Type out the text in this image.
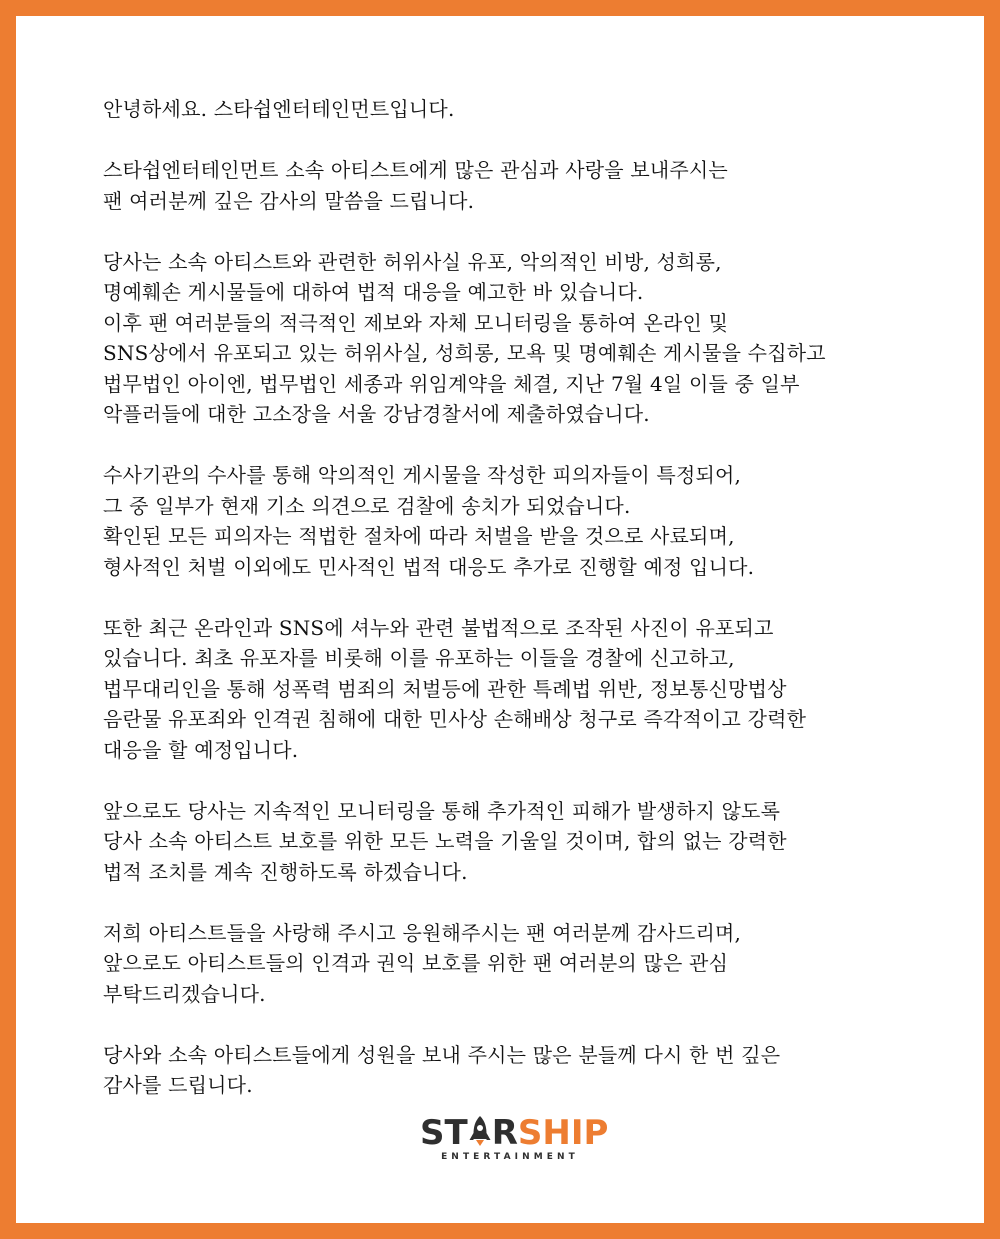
안녕하세요. 스타쉽엔터테인먼트입니다.
스타쉽엔터테인먼트 소속 아티스트에게 많은 관심과 사랑을 보내주시는
팬 여러분께 깊은 감사의 말씀을 드립니다.
당사는 소속 아티스트와 관련한 허위사실 유포, 악의적인 비방, 성희롱,
명예훼손 게시물들에 대하여 법적 대응을 예고한 바 있습니다.
이후 팬 여러분들의 적극적인 제보와 자체 모니터링을 통하여 온라인 및
SNS상에서 유포되고 있는 허위사실, 성희롱, 모욕 및 명예훼손 게시물을 수집하고
법무법인 아이엔, 법무법인 세종과 위임계약을 체결, 지난 7월 4일 이들 중 일부
악플러들에 대한 고소장을 서울 강남경찰서에 제출하였습니다.
수사기관의 수사를 통해 악의적인 게시물을 작성한 피의자들이 특정되어,
그 중 일부가 현재 기소 의견으로 검찰에 송치가 되었습니다.
확인된 모든 피의자는 적법한 절차에 따라 처벌을 받을 것으로 사료되며,
형사적인 처벌 이외에도 민사적인 법적 대응도 추가로 진행할 예정 입니다.
또한 최근 온라인과 SNS에 셔누와 관련 불법적으로 조작된 사진이 유포되고
있습니다. 최초 유포자를 비롯해 이를 유포하는 이들을 경찰에 신고하고,
법무대리인을 통해 성폭력 범죄의 처벌등에 관한 특례법 위반, 정보통신망법상
음란물 유포죄와 인격권 침해에 대한 민사상 손해배상 청구로 즉각적이고 강력한
대응을 할 예정입니다.
앞으로도 당사는 지속적인 모니터링을 통해 추가적인 피해가 발생하지 않도록
당사 소속 아티스트 보호를 위한 모든 노력을 기울일 것이며, 합의 없는 강력한
법적 조치를 계속 진행하도록 하겠습니다.
저희 아티스트들을 사랑해 주시고 응원해주시는 팬 여러분께 감사드리며,
앞으로도 아티스트들의 인격과 권익 보호를 위한 팬 여러분의 많은 관심
부탁드리겠습니다.
당사와 소속 아티스트들에게 성원을 보내 주시는 많은 분들께 다시 한 번 깊은
감사를 드립니다.
ST RSHIP
ENTERTAINMENT
